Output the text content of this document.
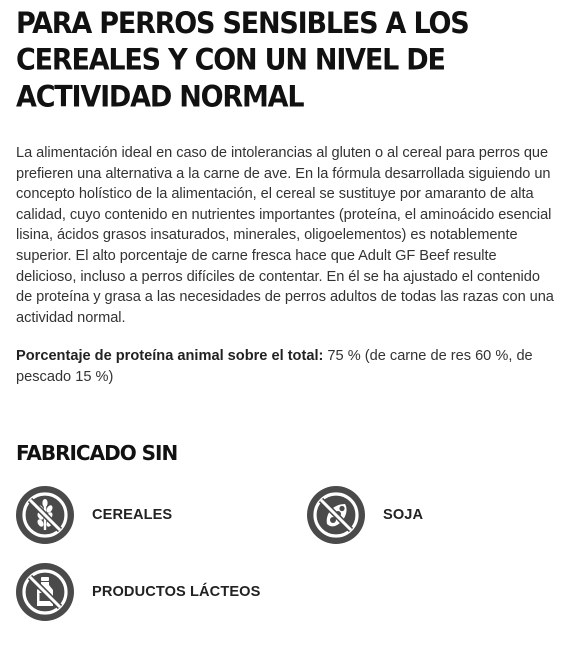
PARA PERROS SENSIBLES A LOS CEREALES Y CON UN NIVEL DE ACTIVIDAD NORMAL

La alimentación ideal en caso de intolerancias al gluten o al cereal para perros que prefieren una alternativa a la carne de ave. En la fórmula desarrollada siguiendo un concepto holístico de la alimentación, el cereal se sustituye por amaranto de alta calidad, cuyo contenido en nutrientes importantes (proteína, el aminoácido esencial lisina, ácidos grasos insaturados, minerales, oligoelementos) es notablemente superior. El alto porcentaje de carne fresca hace que Adult GF Beef resulte delicioso, incluso a perros difíciles de contentar. En él se ha ajustado el contenido de proteína y grasa a las necesidades de perros adultos de todas las razas con una actividad normal.

Porcentaje de proteína animal sobre el total: 75 % (de carne de res 60 %, de pescado 15 %)

FABRICADO SIN
CEREALES	SOJA
PRODUCTOS LÁCTEOS
